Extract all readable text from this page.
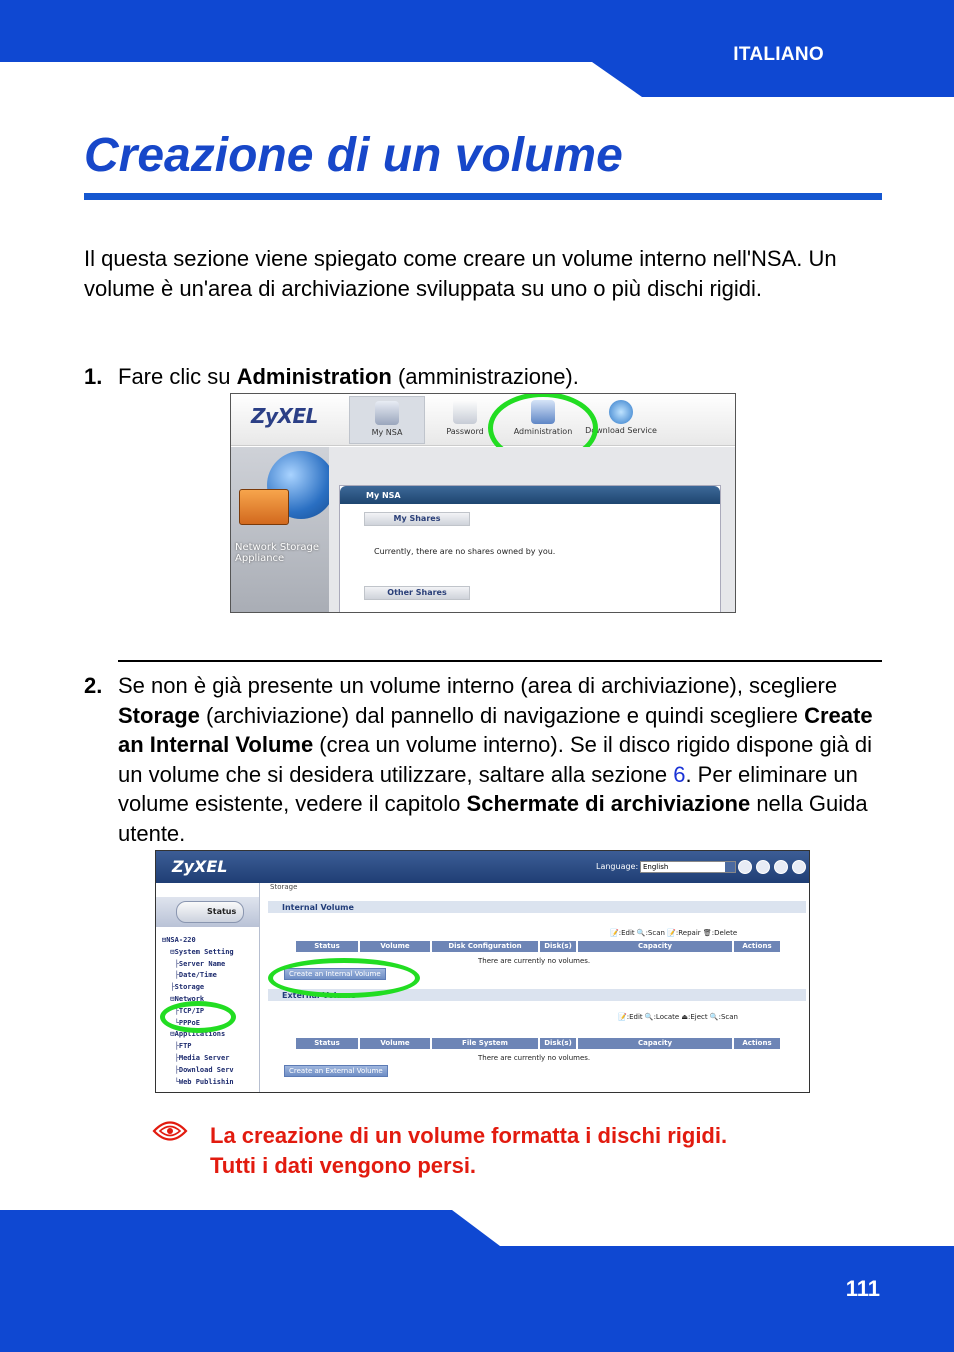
ITALIANO
Creazione di un volume

Il questa sezione viene spiegato come creare un volume interno nell'NSA. Un volume è un'area di archiviazione sviluppata su uno o più dischi rigidi.

1. Fare clic su Administration (amministrazione).
ZyXEL
My NSA	Password	Administration	Download Service
Network Storage Appliance
My NSA
My Shares
Currently, there are no shares owned by you.
Other Shares
2. Se non è già presente un volume interno (area di archiviazione), scegliere Storage (archiviazione) dal pannello di navigazione e quindi scegliere Create an Internal Volume (crea un volume interno). Se il disco rigido dispone già di un volume che si desidera utilizzare, saltare alla sezione 6. Per eliminare un volume esistente, vedere il capitolo Schermate di archiviazione nella Guida utente.
ZyXEL	Language: English
Status
⊟NSA-220
⊟System Setting
├Server Name
├Date/Time
├Storage
⊟Network
├TCP/IP
└PPPoE
⊟Applications
├FTP
├Media Server
├Download Serv
└Web Publishin
Storage
Internal Volume
📝:Edit 🔍:Scan 📝:Repair 🗑:Delete
Status	Volume	Disk Configuration	Disk(s)	Capacity	Actions
There are currently no volumes.
Create an Internal Volume
External Volume
📝:Edit 🔍:Locate ⏏:Eject 🔍:Scan
Status	Volume	File System	Disk(s)	Capacity	Actions
There are currently no volumes.
Create an External Volume
La creazione di un volume formatta i dischi rigidi.
Tutti i dati vengono persi.
111
